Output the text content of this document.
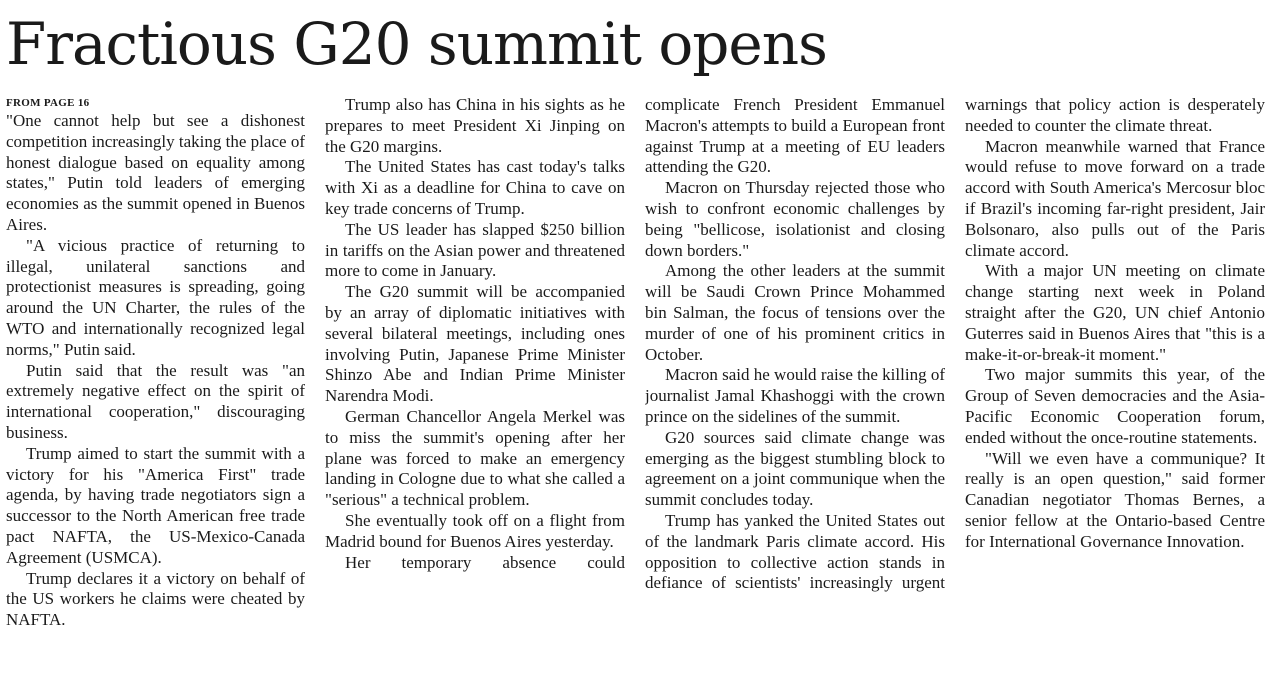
Fractious G20 summit opens
FROM PAGE 16

"One cannot help but see a dishonest competition increasingly taking the place of honest dialogue based on equality among states," Putin told leaders of emerging economies as the summit opened in Buenos Aires.

"A vicious practice of returning to illegal, unilateral sanctions and protectionist measures is spreading, going around the UN Charter, the rules of the WTO and internationally recognized legal norms," Putin said.

Putin said that the result was "an extremely negative effect on the spirit of international cooperation," discouraging business.

Trump aimed to start the summit with a victory for his "America First" trade agenda, by having trade negotiators sign a successor to the North American free trade pact NAFTA, the US-Mexico-Canada Agreement (USMCA).

Trump declares it a victory on behalf of the US workers he claims were cheated by NAFTA.

Trump also has China in his sights as he prepares to meet President Xi Jinping on the G20 margins.

The United States has cast today's talks with Xi as a deadline for China to cave on key trade concerns of Trump.

The US leader has slapped $250 billion in tariffs on the Asian power and threatened more to come in January.

The G20 summit will be accompanied by an array of diplomatic initiatives with several bilateral meetings, including ones involving Putin, Japanese Prime Minister Shinzo Abe and Indian Prime Minister Narendra Modi.

German Chancellor Angela Merkel was to miss the summit's opening after her plane was forced to make an emergency landing in Cologne due to what she called a "serious" a technical problem.

She eventually took off on a flight from Madrid bound for Buenos Aires yesterday.

Her temporary absence could

complicate French President Emmanuel Macron's attempts to build a European front against Trump at a meeting of EU leaders attending the G20.

Macron on Thursday rejected those who wish to confront economic challenges by being "bellicose, isolationist and closing down borders."

Among the other leaders at the summit will be Saudi Crown Prince Mohammed bin Salman, the focus of tensions over the murder of one of his prominent critics in October.

Macron said he would raise the killing of journalist Jamal Khashoggi with the crown prince on the sidelines of the summit.

G20 sources said climate change was emerging as the biggest stumbling block to agreement on a joint communique when the summit concludes today.

Trump has yanked the United States out of the landmark Paris climate accord. His opposition to collective action stands in defiance of scientists' increasingly urgent

warnings that policy action is desperately needed to counter the climate threat.

Macron meanwhile warned that France would refuse to move forward on a trade accord with South America's Mercosur bloc if Brazil's incoming far-right president, Jair Bolsonaro, also pulls out of the Paris climate accord.

With a major UN meeting on climate change starting next week in Poland straight after the G20, UN chief Antonio Guterres said in Buenos Aires that "this is a make-it-or-break-it moment."

Two major summits this year, of the Group of Seven democracies and the Asia-Pacific Economic Cooperation forum, ended without the once-routine statements.

"Will we even have a communique? It really is an open question," said former Canadian negotiator Thomas Bernes, a senior fellow at the Ontario-based Centre for International Governance Innovation.
